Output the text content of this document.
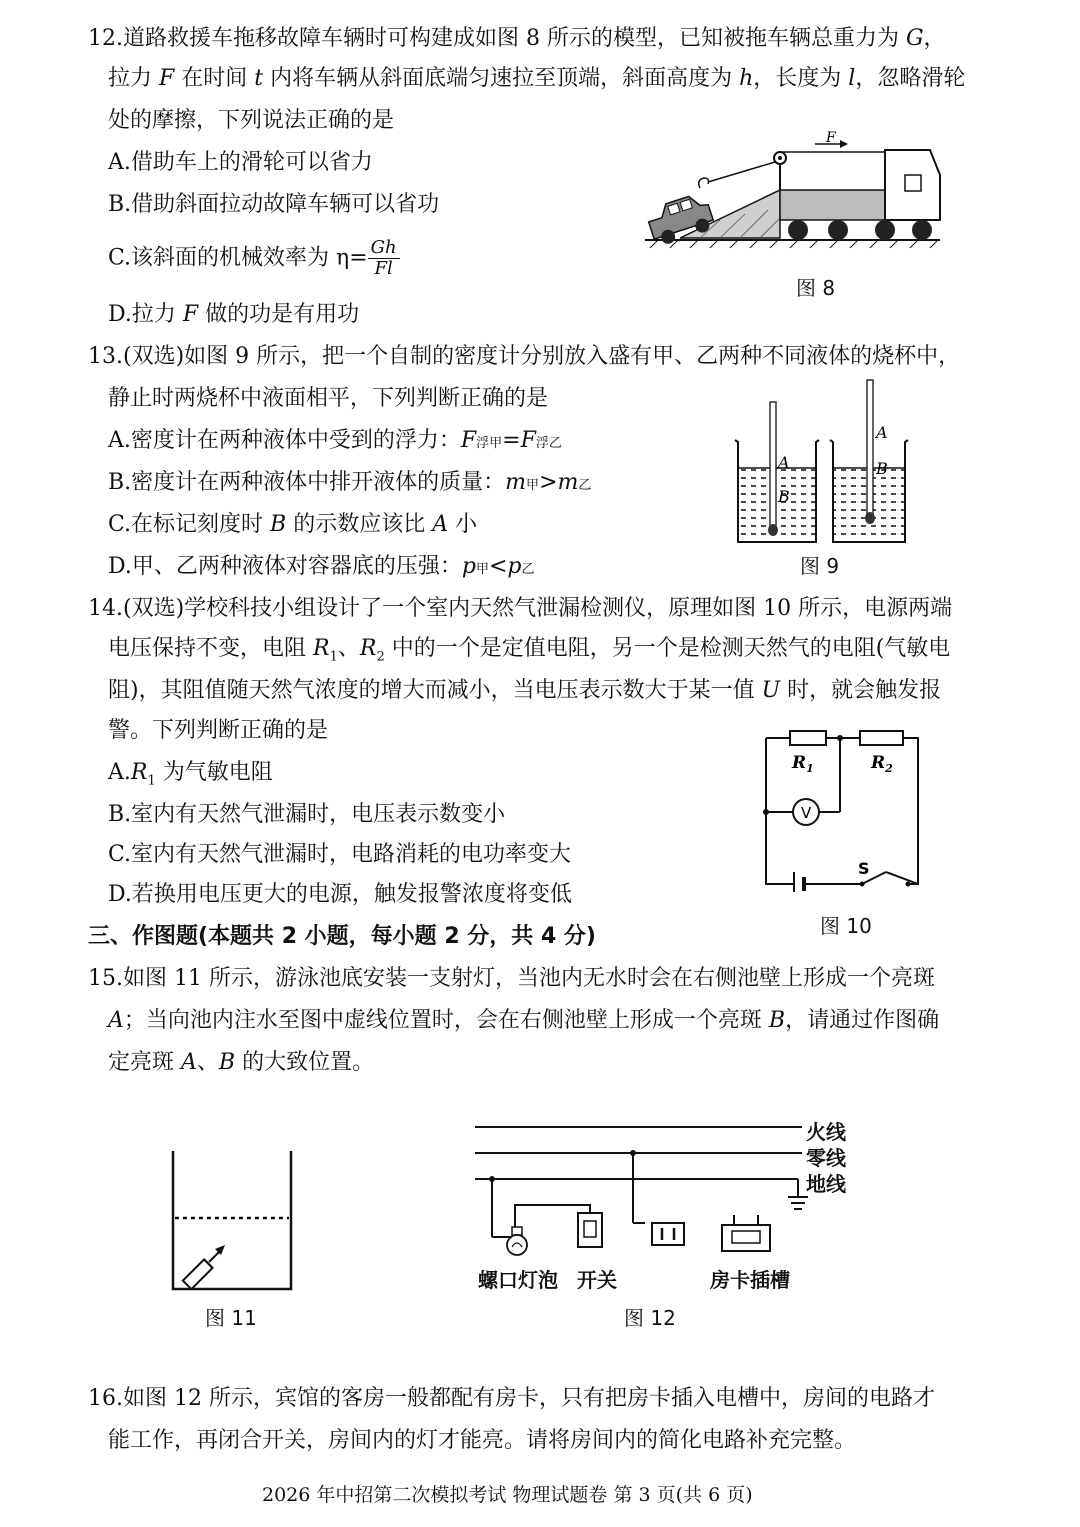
12.道路救援车拖移故障车辆时可构建成如图 8 所示的模型，已知被拖车辆总重力为 G，
拉力 F 在时间 t 内将车辆从斜面底端匀速拉至顶端，斜面高度为 h，长度为 l，忽略滑轮
处的摩擦，下列说法正确的是
A.借助车上的滑轮可以省力
B.借助斜面拉动故障车辆可以省功
C.该斜面的机械效率为 $\eta= \frac{Gh}{Fl}$
D.拉力 F 做的功是有用功
F
图 8
13.(双选)如图 9 所示，把一个自制的密度计分别放入盛有甲、乙两种不同液体的烧杯中，
静止时两烧杯中液面相平，下列判断正确的是
A.密度计在两种液体中受到的浮力：F浮甲=F浮乙
B.密度计在两种液体中排开液体的质量：m甲>m乙
C.在标记刻度时 B 的示数应该比 A 小
D.甲、乙两种液体对容器底的压强：p甲<p乙
A
B
A
B
图 9
14.(双选)学校科技小组设计了一个室内天然气泄漏检测仪，原理如图 10 所示，电源两端
电压保持不变，电阻 $R_1$、$R_2$ 中的一个是定值电阻，另一个是检测天然气的电阻(气敏电
阻)，其阻值随天然气浓度的增大而减小，当电压表示数大于某一值 U 时，就会触发报
警。下列判断正确的是
$A.R_1$ 为气敏电阻
B.室内有天然气泄漏时，电压表示数变小
C.室内有天然气泄漏时，电路消耗的电功率变大
D.若换用电压更大的电源，触发报警浓度将变低
S
V
$R_1$	$R_2$
图 10
三、作图题(本题共 2 小题，每小题 2 分，共 4 分)
15.如图 11 所示，游泳池底安装一支射灯，当池内无水时会在右侧池壁上形成一个亮斑
A；当向池内注水至图中虚线位置时，会在右侧池壁上形成一个亮斑 B，请通过作图确
定亮斑 A、B 的大致位置。
图 11
火线
零线
地线
螺口灯泡 开关	房卡插槽
图 12
16.如图 12 所示，宾馆的客房一般都配有房卡，只有把房卡插入电槽中，房间的电路才
能工作，再闭合开关，房间内的灯才能亮。请将房间内的简化电路补充完整。
2026 年中招第二次模拟考试 物理试题卷 第 3 页(共 6 页)
